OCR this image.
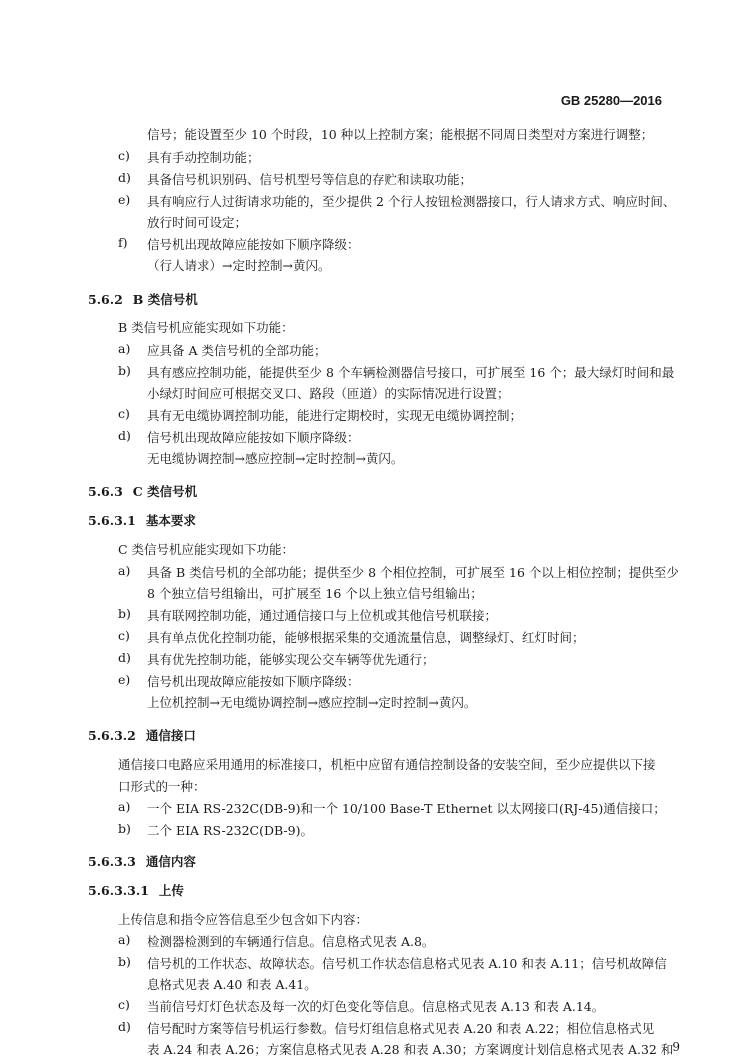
GB 25280—2016
信号；能设置至少 10 个时段，10 种以上控制方案；能根据不同周日类型对方案进行调整；
c) 具有手动控制功能；
d) 具备信号机识别码、信号机型号等信息的存贮和读取功能；
e) 具有响应行人过街请求功能的，至少提供 2 个行人按钮检测器接口，行人请求方式、响应时间、
放行时间可设定；
f) 信号机出现故障应能按如下顺序降级：
（行人请求）→定时控制→黄闪。
5.6.2 B 类信号机
B 类信号机应能实现如下功能：
a) 应具备 A 类信号机的全部功能；
b) 具有感应控制功能，能提供至少 8 个车辆检测器信号接口，可扩展至 16 个；最大绿灯时间和最
小绿灯时间应可根据交叉口、路段（匝道）的实际情况进行设置；
c) 具有无电缆协调控制功能，能进行定期校时，实现无电缆协调控制；
d) 信号机出现故障应能按如下顺序降级：
无电缆协调控制→感应控制→定时控制→黄闪。
5.6.3 C 类信号机
5.6.3.1 基本要求
C 类信号机应能实现如下功能：
a) 具备 B 类信号机的全部功能；提供至少 8 个相位控制，可扩展至 16 个以上相位控制；提供至少
8 个独立信号组输出，可扩展至 16 个以上独立信号组输出；
b) 具有联网控制功能，通过通信接口与上位机或其他信号机联接；
c) 具有单点优化控制功能，能够根据采集的交通流量信息，调整绿灯、红灯时间；
d) 具有优先控制功能，能够实现公交车辆等优先通行；
e) 信号机出现故障应能按如下顺序降级：
上位机控制→无电缆协调控制→感应控制→定时控制→黄闪。
5.6.3.2 通信接口
通信接口电路应采用通用的标准接口，机柜中应留有通信控制设备的安装空间，至少应提供以下接
口形式的一种：
a) 一个 EIA RS-232C(DB-9)和一个 10/100 Base-T Ethernet 以太网接口(RJ-45)通信接口；
b) 二个 EIA RS-232C(DB-9)。
5.6.3.3 通信内容
5.6.3.3.1 上传
上传信息和指令应答信息至少包含如下内容：
a) 检测器检测到的车辆通行信息。信息格式见表 A.8。
b) 信号机的工作状态、故障状态。信号机工作状态信息格式见表 A.10 和表 A.11；信号机故障信
息格式见表 A.40 和表 A.41。
c) 当前信号灯灯色状态及每一次的灯色变化等信息。信息格式见表 A.13 和表 A.14。
d) 信号配时方案等信号机运行参数。信号灯组信息格式见表 A.20 和表 A.22；相位信息格式见
表 A.24 和表 A.26；方案信息格式见表 A.28 和表 A.30；方案调度计划信息格式见表 A.32 和 9
